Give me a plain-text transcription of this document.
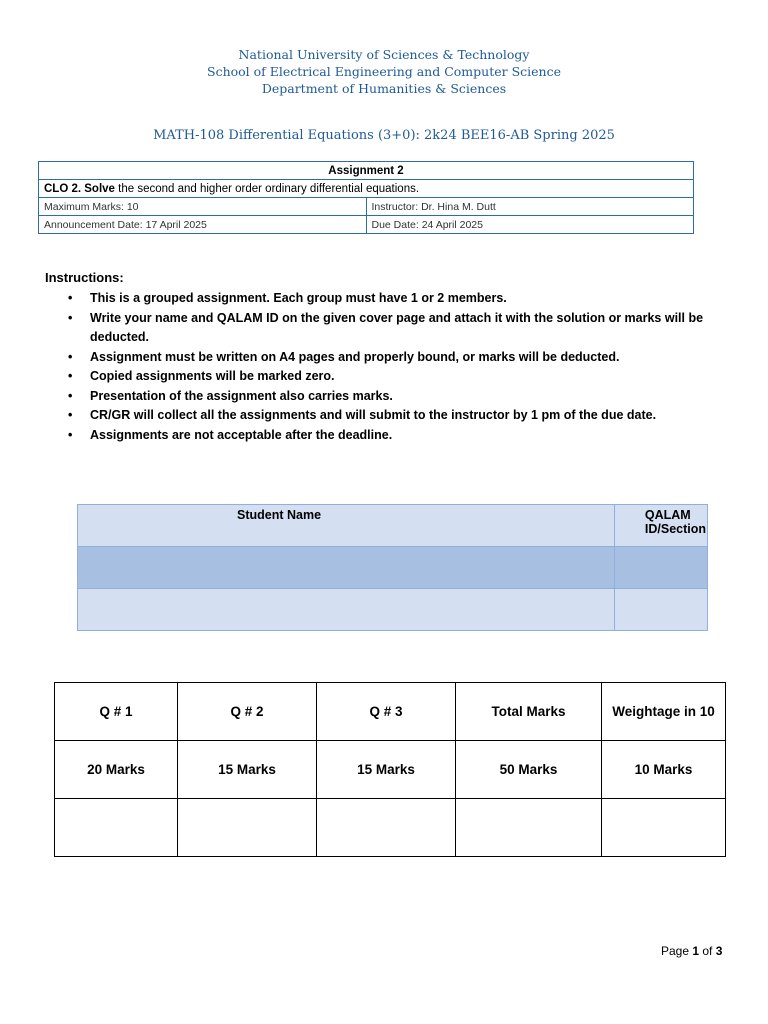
National University of Sciences & Technology
School of Electrical Engineering and Computer Science
Department of Humanities & Sciences
MATH-108 Differential Equations (3+0): 2k24 BEE16-AB Spring 2025
Assignment 2	
CLO 2. Solve the second and higher order ordinary differential equations.	
Maximum Marks: 10	Instructor: Dr. Hina M. Dutt
Announcement Date: 17 April 2025	Due Date: 24 April 2025
Instructions:
• This is a grouped assignment. Each group must have 1 or 2 members.
• Write your name and QALAM ID on the given cover page and attach it with the solution or marks will be deducted.
• Assignment must be written on A4 pages and properly bound, or marks will be deducted.
• Copied assignments will be marked zero.
• Presentation of the assignment also carries marks.
• CR/GR will collect all the assignments and will submit to the instructor by 1 pm of the due date.
• Assignments are not acceptable after the deadline.
Student Name	QALAM ID/Section

Q # 1	Q # 2	Q # 3	Total Marks	Weightage in 10
20 Marks	15 Marks	15 Marks	50 Marks	10 Marks

Page 1 of 3
